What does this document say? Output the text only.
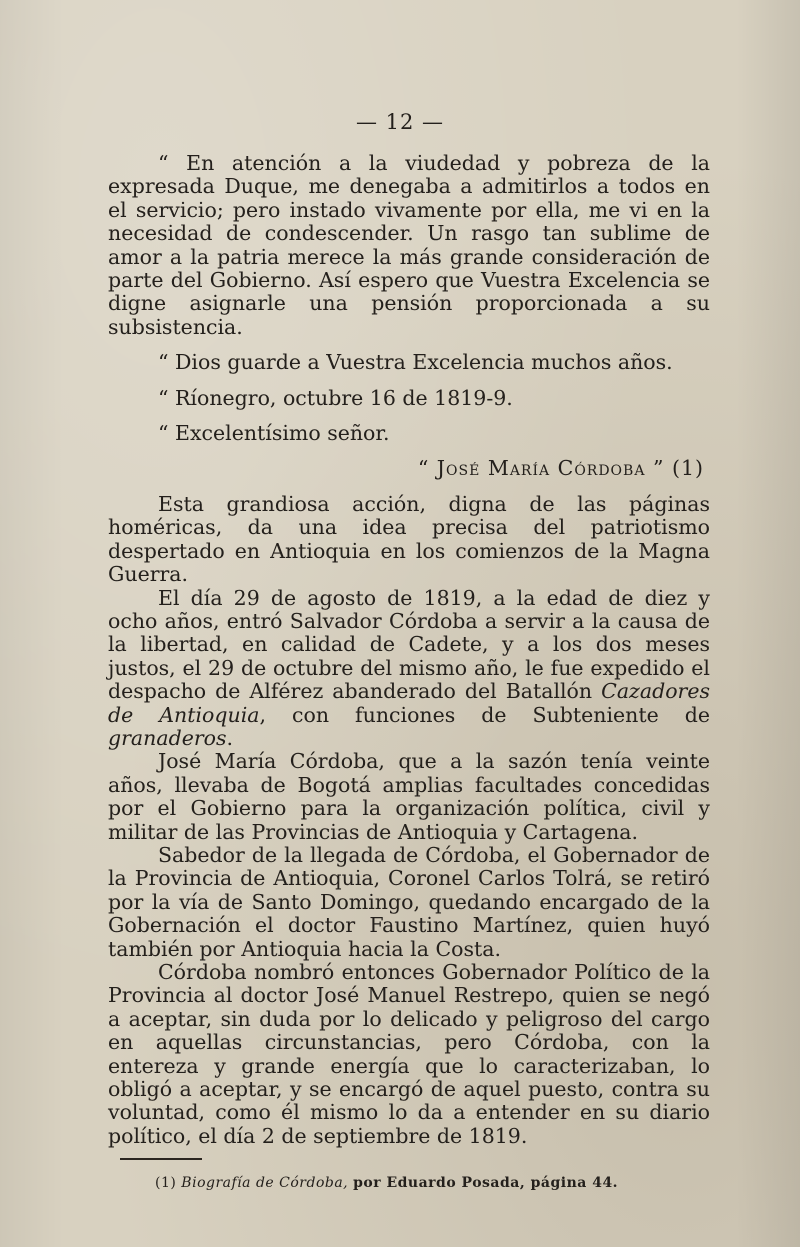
— 12 —

“ En atención a la viudedad y pobreza de la expresada Duque, me denegaba a admitirlos a todos en el servicio; pero instado vivamente por ella, me vi en la necesidad de condescender. Un rasgo tan sublime de amor a la patria merece la más grande consideración de parte del Gobierno. Así espero que Vuestra Excelencia se digne asignarle una pensión proporcionada a su subsistencia.

“ Dios guarde a Vuestra Excelencia muchos años.

“ Ríonegro, octubre 16 de 1819-9.

“ Excelentísimo señor.

“ José María Córdoba ” (1)

Esta grandiosa acción, digna de las páginas homéricas, da una idea precisa del patriotismo despertado en Antioquia en los comienzos de la Magna Guerra.

El día 29 de agosto de 1819, a la edad de diez y ocho años, entró Salvador Córdoba a servir a la causa de la libertad, en calidad de Cadete, y a los dos meses justos, el 29 de octubre del mismo año, le fue expedido el despacho de Alférez abanderado del Batallón Cazadores de Antioquia, con funciones de Subteniente de granaderos.

José María Córdoba, que a la sazón tenía veinte años, llevaba de Bogotá amplias facultades concedidas por el Gobierno para la organización política, civil y militar de las Provincias de Antioquia y Cartagena.

Sabedor de la llegada de Córdoba, el Gobernador de la Provincia de Antioquia, Coronel Carlos Tolrá, se retiró por la vía de Santo Domingo, quedando encargado de la Gobernación el doctor Faustino Martínez, quien huyó también por Antioquia hacia la Costa.

Córdoba nombró entonces Gobernador Político de la Provincia al doctor José Manuel Restrepo, quien se negó a aceptar, sin duda por lo delicado y peligroso del cargo en aquellas circunstancias, pero Córdoba, con la entereza y grande energía que lo caracterizaban, lo obligó a aceptar, y se encargó de aquel puesto, contra su voluntad, como él mismo lo da a entender en su diario político, el día 2 de septiembre de 1819.

(1) Biografía de Córdoba, por Eduardo Posada, página 44.
